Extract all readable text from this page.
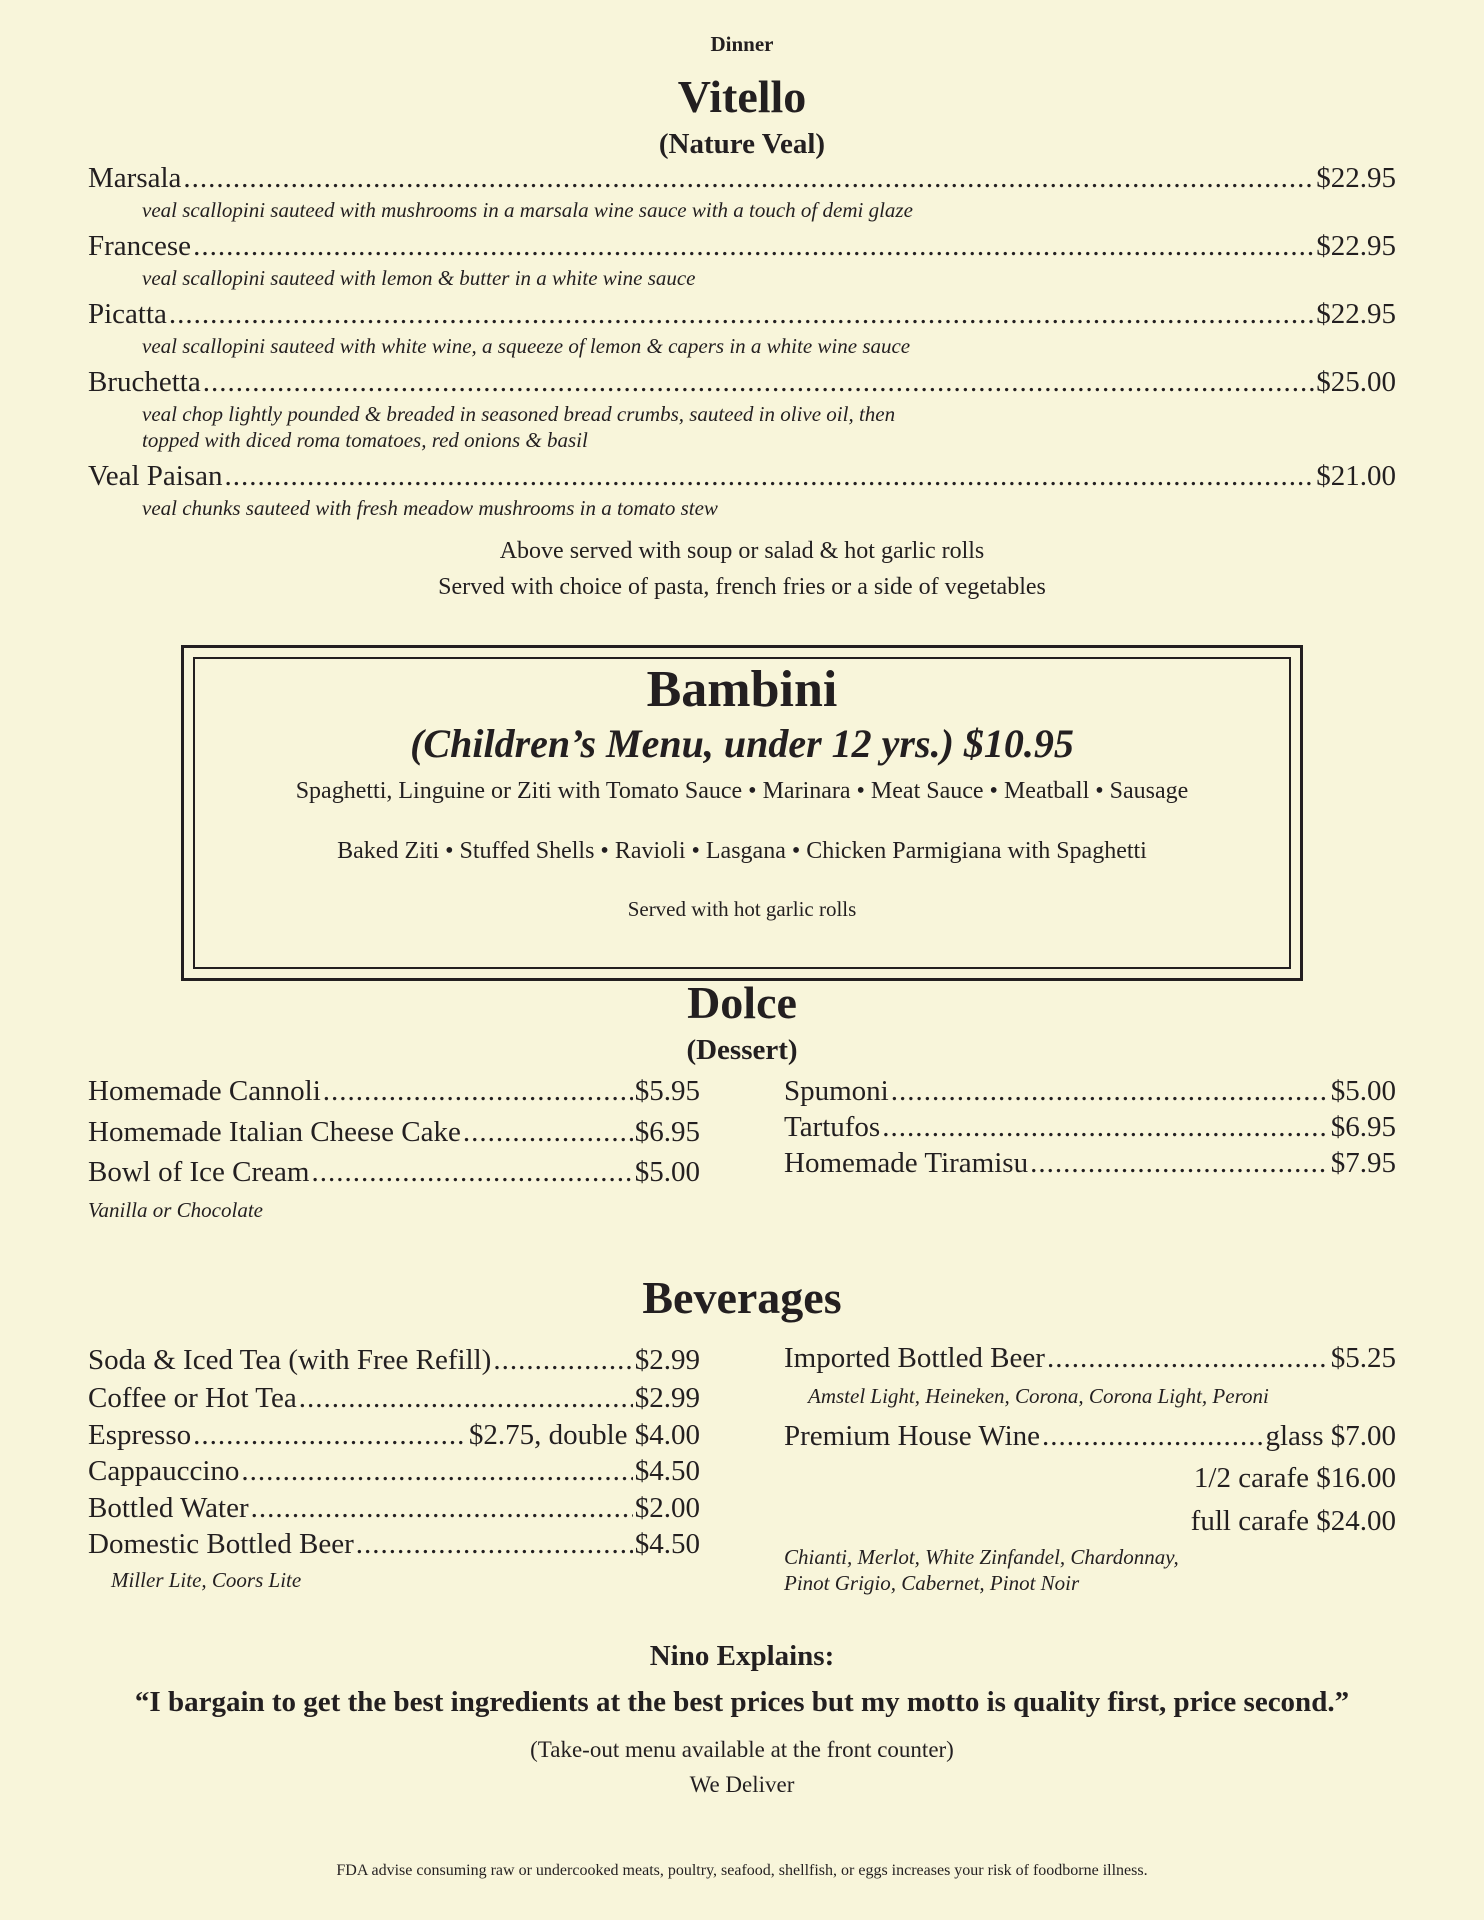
Dinner
Vitello
(Nature Veal)
Marsala .....	$22.95
veal scallopini sauteed with mushrooms in a marsala wine sauce with a touch of demi glaze
Francese .....	$22.95
veal scallopini sauteed with lemon & butter in a white wine sauce
Picatta .....	$22.95
veal scallopini sauteed with white wine, a squeeze of lemon & capers in a white wine sauce
Bruchetta .....	$25.00
veal chop lightly pounded & breaded in seasoned bread crumbs, sauteed in olive oil, then
topped with diced roma tomatoes, red onions & basil
Veal Paisan .....	$21.00
veal chunks sauteed with fresh meadow mushrooms in a tomato stew
Above served with soup or salad & hot garlic rolls
Served with choice of pasta, french fries or a side of vegetables
Bambini
(Children’s Menu, under 12 yrs.) $10.95
Spaghetti, Linguine or Ziti with Tomato Sauce • Marinara • Meat Sauce • Meatball • Sausage
Baked Ziti • Stuffed Shells • Ravioli • Lasgana • Chicken Parmigiana with Spaghetti
Served with hot garlic rolls
Dolce
(Dessert)
Homemade Cannoli .....	$5.95
Homemade Italian Cheese Cake .....	$6.95
Bowl of Ice Cream .....	$5.00
Vanilla or Chocolate
Spumoni .....	$5.00
Tartufos .....	$6.95
Homemade Tiramisu .....	$7.95
Beverages
Soda & Iced Tea (with Free Refill) .....	$2.99
Coffee or Hot Tea .....	$2.99
Espresso .....	$2.75, double $4.00
Cappauccino .....	$4.50
Bottled Water .....	$2.00
Domestic Bottled Beer .....	$4.50
Miller Lite, Coors Lite
Imported Bottled Beer .....	$5.25
Amstel Light, Heineken, Corona, Corona Light, Peroni
Premium House Wine .....	glass $7.00
1/2 carafe $16.00
full carafe $24.00
Chianti, Merlot, White Zinfandel, Chardonnay,
Pinot Grigio, Cabernet, Pinot Noir
Nino Explains:
“I bargain to get the best ingredients at the best prices but my motto is quality first, price second.”
(Take-out menu available at the front counter)
We Deliver
FDA advise consuming raw or undercooked meats, poultry, seafood, shellfish, or eggs increases your risk of foodborne illness.
